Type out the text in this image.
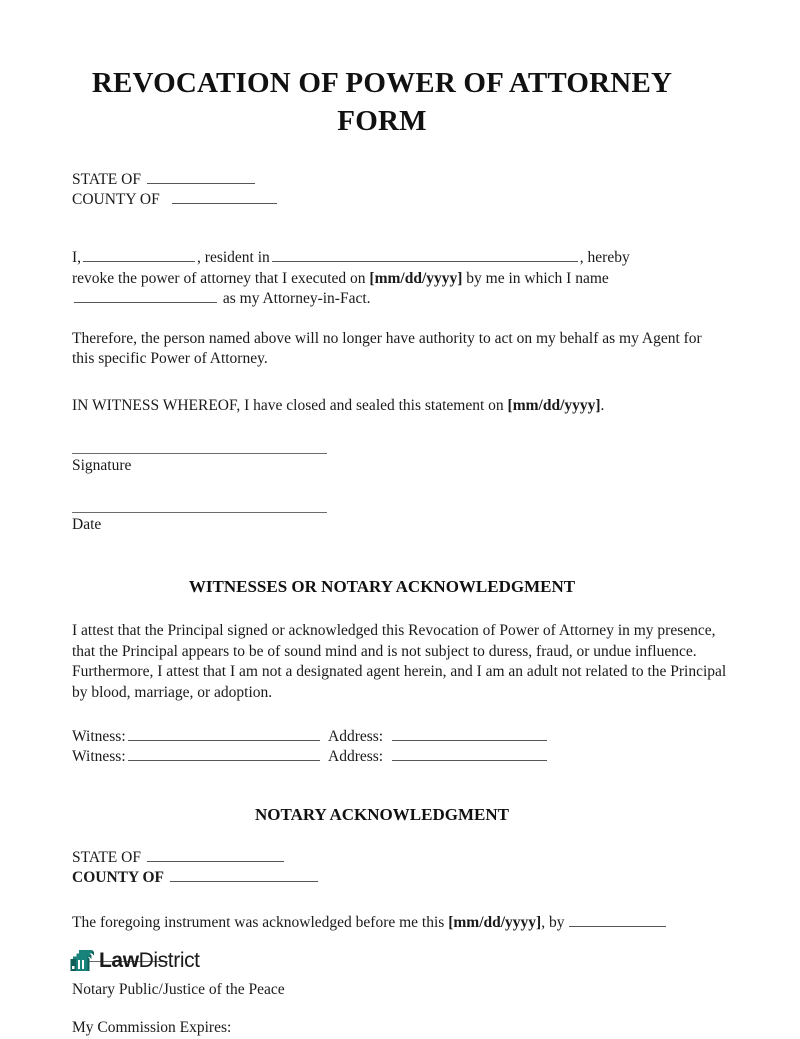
REVOCATION OF POWER OF ATTORNEY FORM
STATE OF
COUNTY OF
I,	, resident in	, hereby
revoke the power of attorney that I executed on [mm/dd/yyyy] by me in which I name
as my Attorney-in-Fact.

Therefore, the person named above will no longer have authority to act on my behalf as my Agent for this specific Power of Attorney.

IN WITNESS WHEREOF, I have closed and sealed this statement on [mm/dd/yyyy].
Signature
Date
WITNESSES OR NOTARY ACKNOWLEDGMENT

I attest that the Principal signed or acknowledged this Revocation of Power of Attorney in my presence, that the Principal appears to be of sound mind and is not subject to duress, fraud, or undue influence. Furthermore, I attest that I am not a designated agent herein, and I am an adult not related to the Principal by blood, marriage, or adoption.

Witness:	Address:
Witness:	Address:
NOTARY ACKNOWLEDGMENT
STATE OF
COUNTY OF
The foregoing instrument was acknowledged before me this [mm/dd/yyyy], by
Notary Public/Justice of the Peace
My Commission Expires:
LawDistrict
